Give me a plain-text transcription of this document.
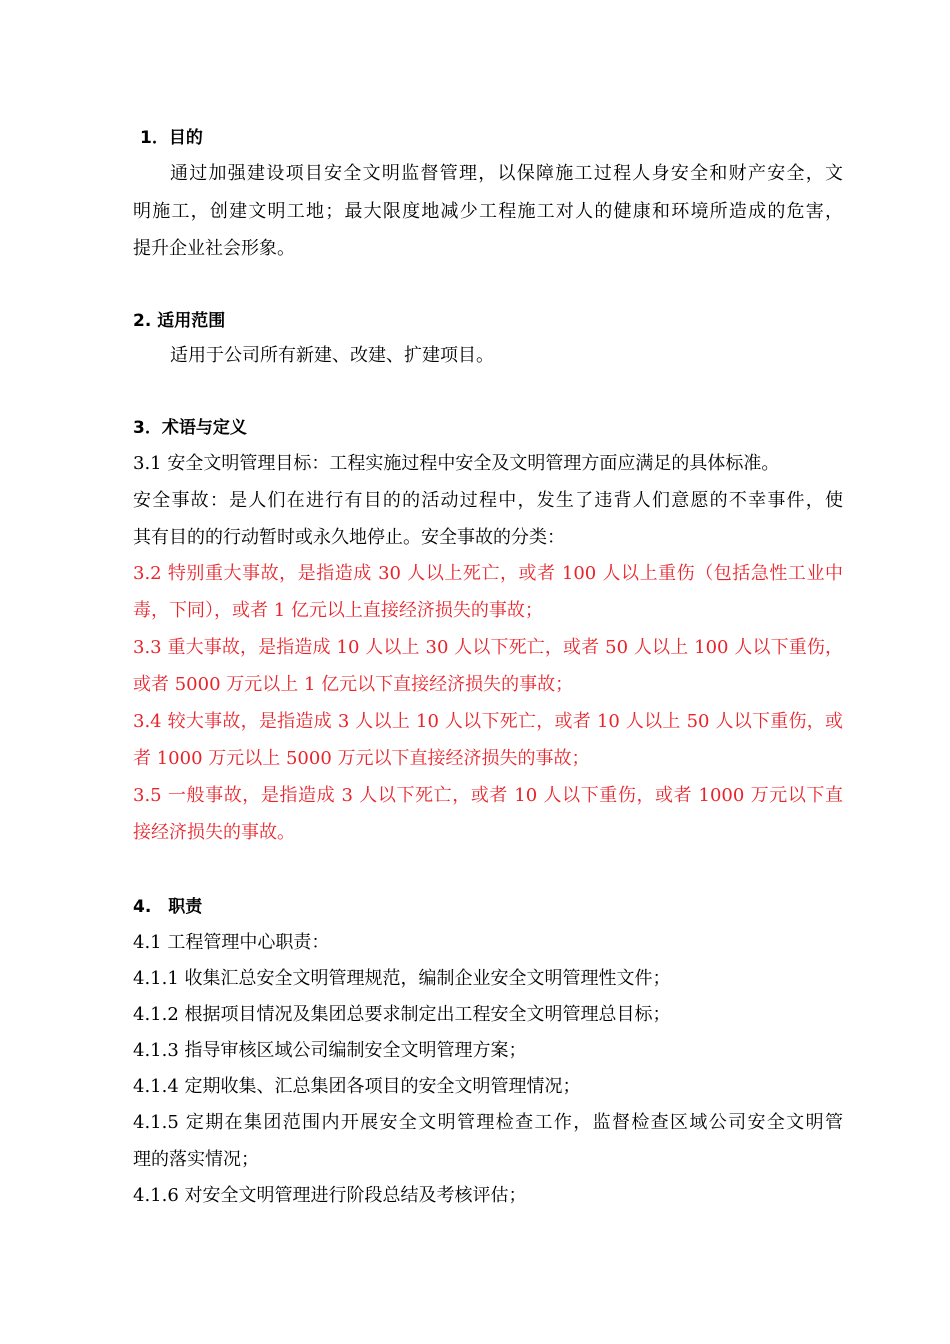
1．目的
通过加强建设项目安全文明监督管理，以保障施工过程人身安全和财产安全，文
明施工，创建文明工地；最大限度地减少工程施工对人的健康和环境所造成的危害，
提升企业社会形象。
2. 适用范围
适用于公司所有新建、改建、扩建项目。
3．术语与定义
3.1 安全文明管理目标：工程实施过程中安全及文明管理方面应满足的具体标准。
安全事故：是人们在进行有目的的活动过程中，发生了违背人们意愿的不幸事件，使
其有目的的行动暂时或永久地停止。安全事故的分类：
3.2 特别重大事故，是指造成 30 人以上死亡，或者 100 人以上重伤（包括急性工业中
毒，下同），或者 1 亿元以上直接经济损失的事故；
3.3 重大事故，是指造成 10 人以上 30 人以下死亡，或者 50 人以上 100 人以下重伤，
或者 5000 万元以上 1 亿元以下直接经济损失的事故；
3.4 较大事故，是指造成 3 人以上 10 人以下死亡，或者 10 人以上 50 人以下重伤，或
者 1000 万元以上 5000 万元以下直接经济损失的事故；
3.5 一般事故，是指造成 3 人以下死亡，或者 10 人以下重伤，或者 1000 万元以下直
接经济损失的事故。
4.　职责
4.1 工程管理中心职责：
4.1.1 收集汇总安全文明管理规范，编制企业安全文明管理性文件；
4.1.2 根据项目情况及集团总要求制定出工程安全文明管理总目标；
4.1.3 指导审核区域公司编制安全文明管理方案；
4.1.4 定期收集、汇总集团各项目的安全文明管理情况；
4.1.5 定期在集团范围内开展安全文明管理检查工作，监督检查区域公司安全文明管
理的落实情况；
4.1.6 对安全文明管理进行阶段总结及考核评估；
